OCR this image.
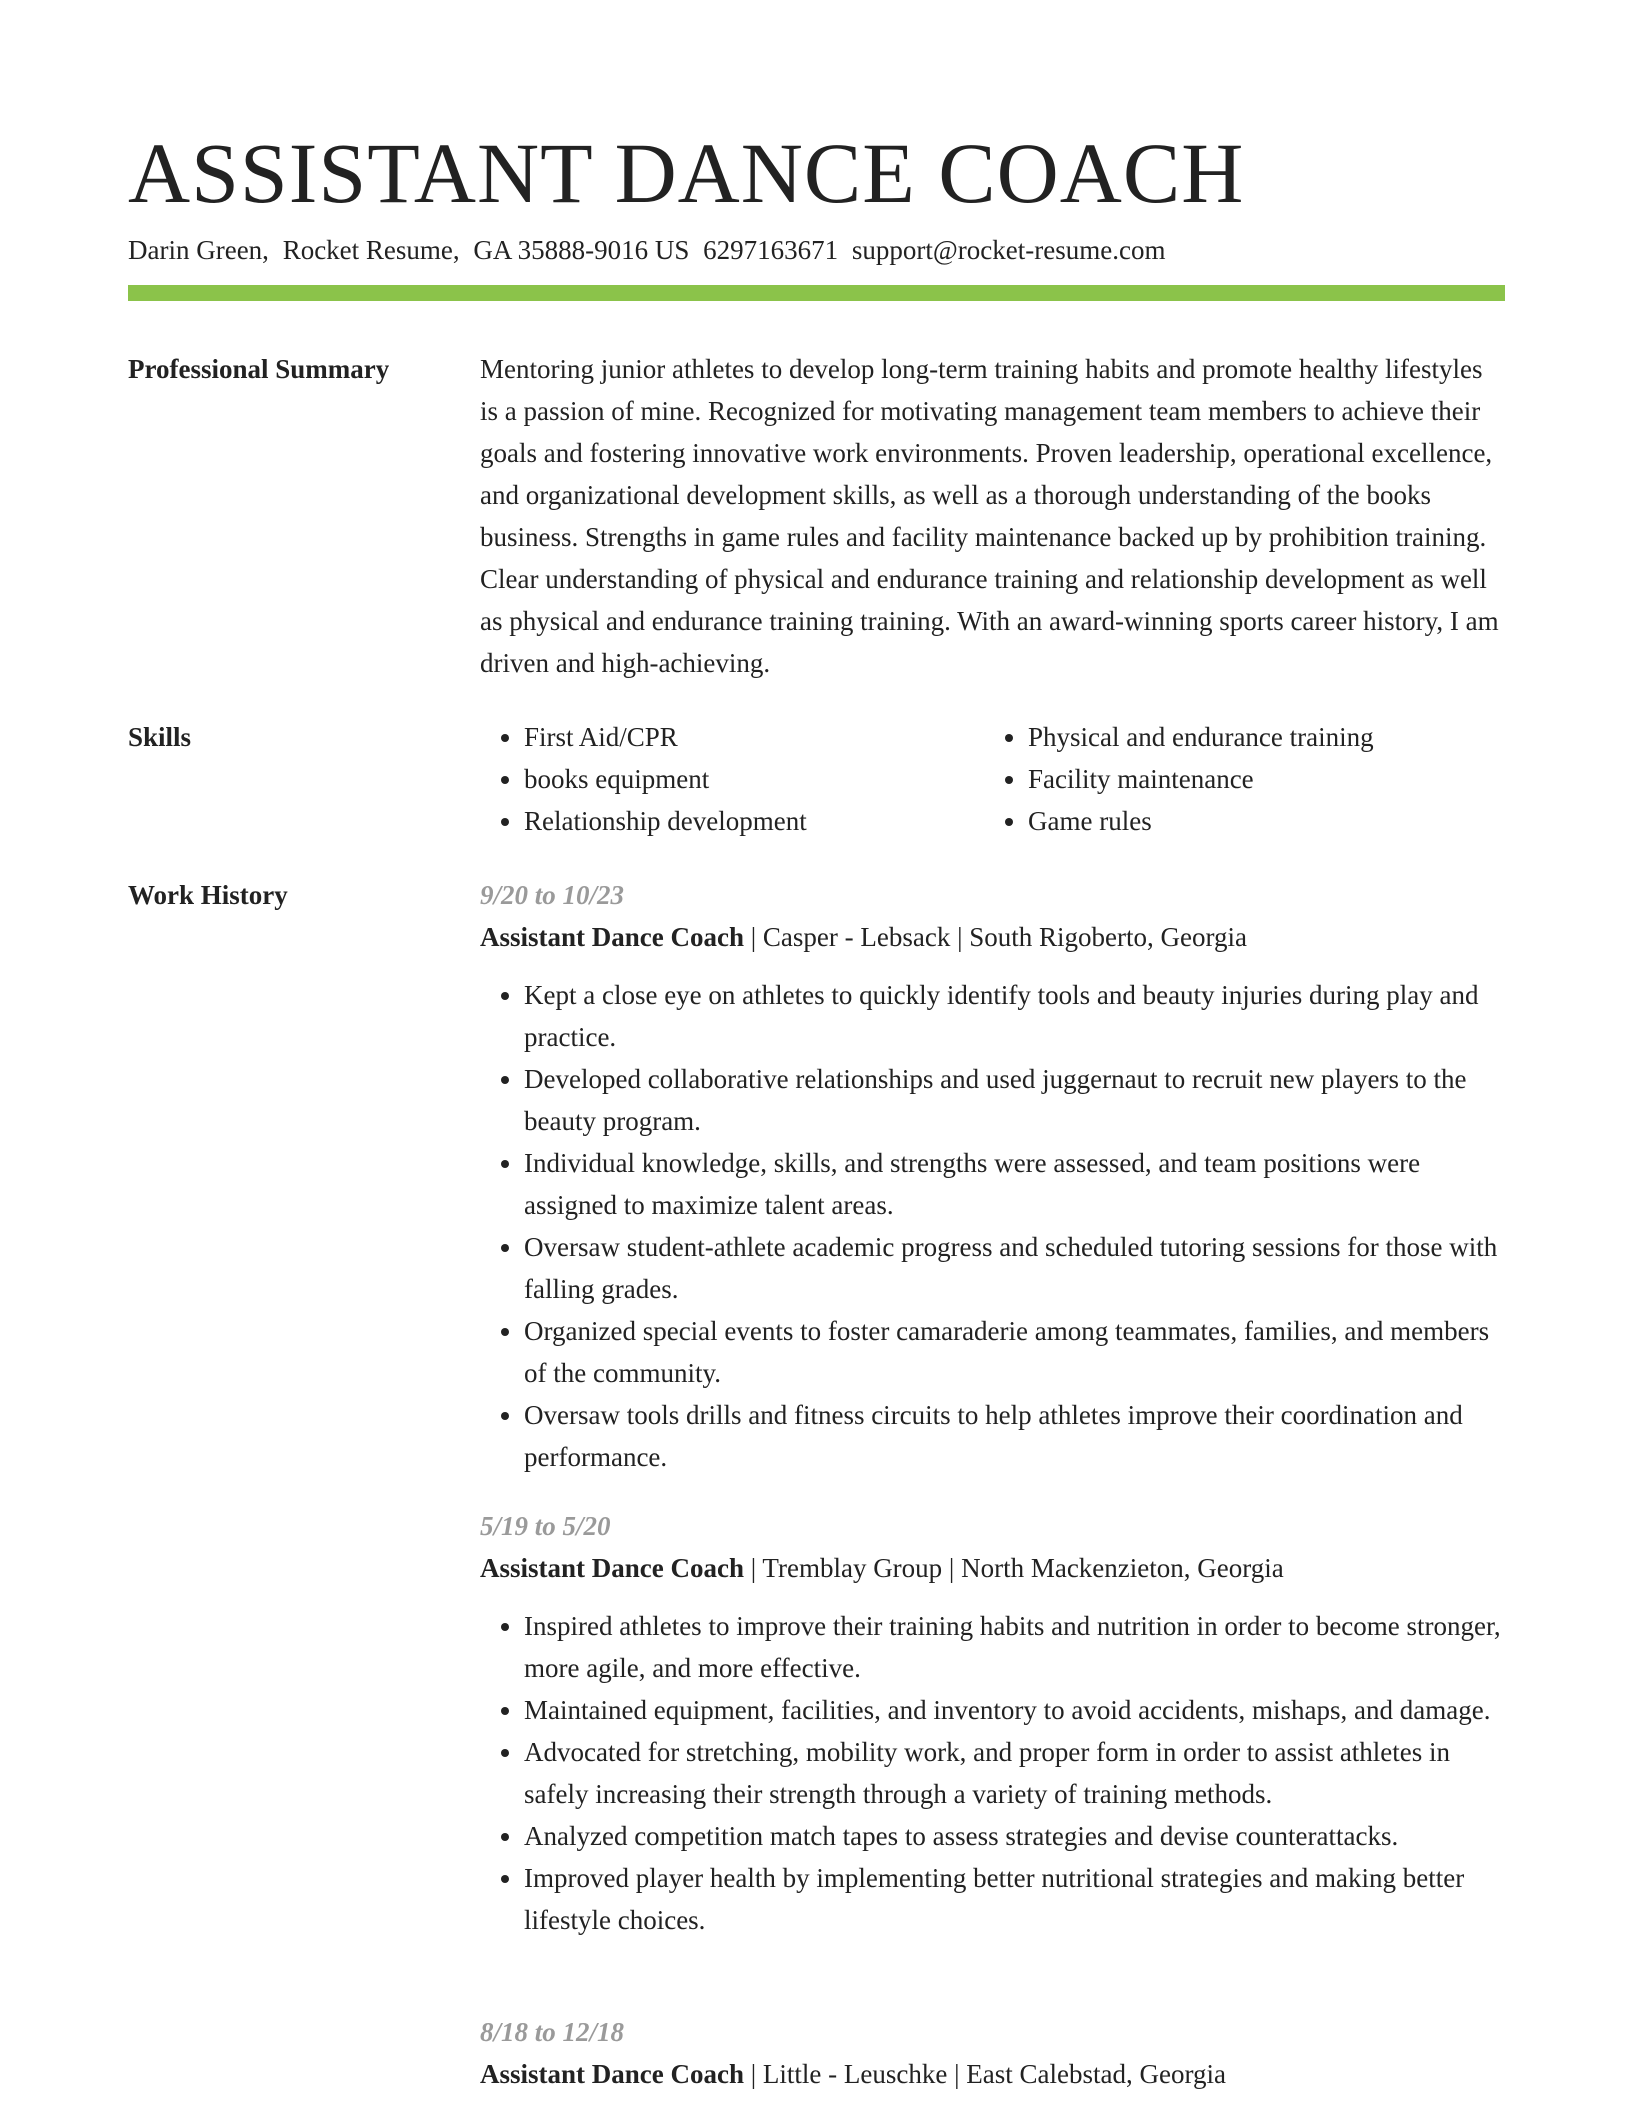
ASSISTANT DANCE COACH
Darin Green, Rocket Resume, GA 35888-9016 US 6297163671 support@rocket-resume.com
Professional Summary	Mentoring junior athletes to develop long-term training habits and promote healthy lifestyles is a passion of mine. Recognized for motivating management team members to achieve their goals and fostering innovative work environments. Proven leadership, operational excellence, and organizational development skills, as well as a thorough understanding of the books business. Strengths in game rules and facility maintenance backed up by prohibition training. Clear understanding of physical and endurance training and relationship development as well as physical and endurance training training. With an award-winning sports career history, I am driven and high-achieving.

Skills
•	First Aid/CPR
• books equipment
• Relationship development
• Physical and endurance training
• Facility maintenance
• Game rules
Work History	9/20 to 10/23
Assistant Dance Coach | Casper - Lebsack | South Rigoberto, Georgia
• Kept a close eye on athletes to quickly identify tools and beauty injuries during play and practice.
• Developed collaborative relationships and used juggernaut to recruit new players to the beauty program.
• Individual knowledge, skills, and strengths were assessed, and team positions were assigned to maximize talent areas.
• Oversaw student-athlete academic progress and scheduled tutoring sessions for those with falling grades.
• Organized special events to foster camaraderie among teammates, families, and members of the community.
• Oversaw tools drills and fitness circuits to help athletes improve their coordination and performance.
5/19 to 5/20
Assistant Dance Coach | Tremblay Group | North Mackenzieton, Georgia
• Inspired athletes to improve their training habits and nutrition in order to become stronger, more agile, and more effective.
• Maintained equipment, facilities, and inventory to avoid accidents, mishaps, and damage.
• Advocated for stretching, mobility work, and proper form in order to assist athletes in safely increasing their strength through a variety of training methods.
• Analyzed competition match tapes to assess strategies and devise counterattacks.
• Improved player health by implementing better nutritional strategies and making better lifestyle choices.
8/18 to 12/18
Assistant Dance Coach | Little - Leuschke | East Calebstad, Georgia
